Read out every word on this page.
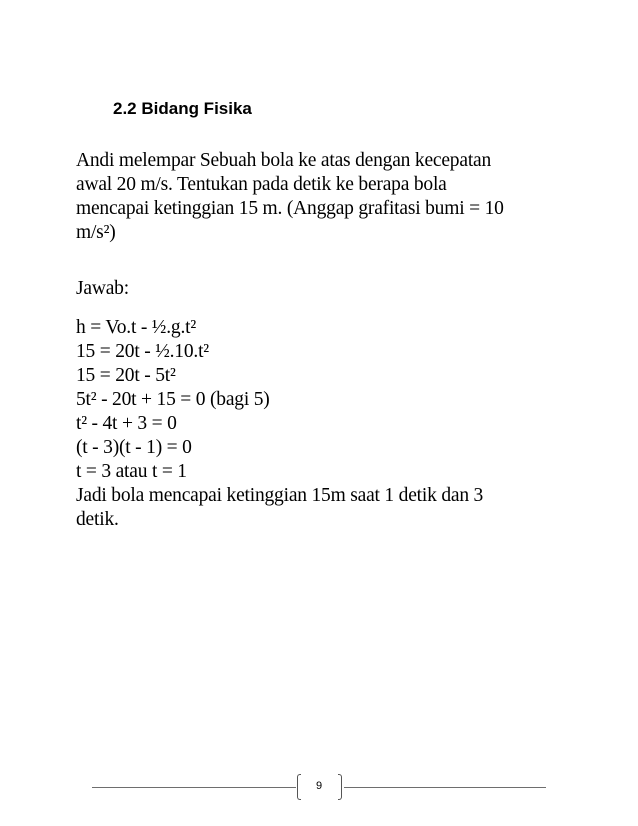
2.2 Bidang Fisika
Andi melempar Sebuah bola ke atas dengan kecepatan
awal 20 m/s. Tentukan pada detik ke berapa bola
mencapai ketinggian 15 m. (Anggap grafitasi bumi = 10
m/s²)
Jawab:
h = Vo.t - ½.g.t²
15 = 20t - ½.10.t²
15 = 20t - 5t²
5t² - 20t + 15 = 0 (bagi 5)
t² - 4t + 3 = 0
(t - 3)(t - 1) = 0
t = 3 atau t = 1
Jadi bola mencapai ketinggian 15m saat 1 detik dan 3
detik.
9
